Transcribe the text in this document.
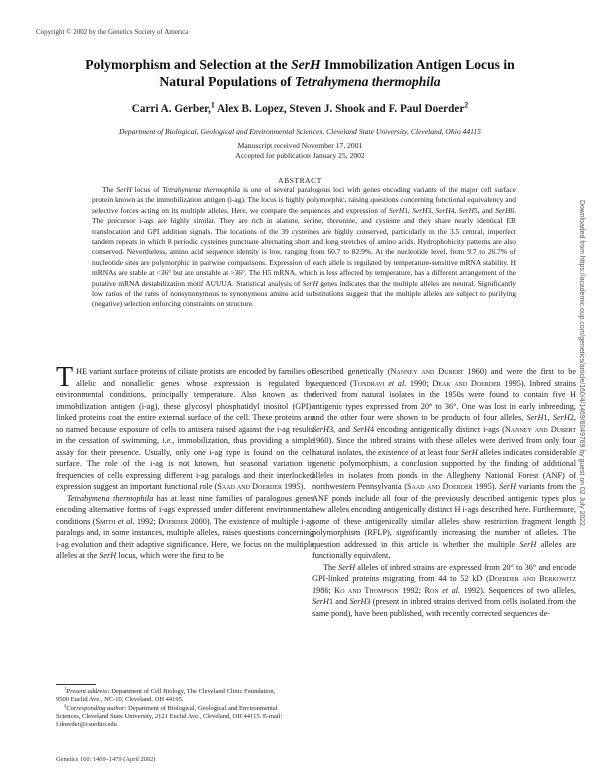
Copyright © 2002 by the Genetics Society of America
Polymorphism and Selection at the SerH Immobilization Antigen Locus in
Natural Populations of Tetrahymena thermophila
Carri A. Gerber,$^1$ Alex B. Lopez, Steven J. Shook and F. Paul Doerder$^2$
Department of Biological, Geological and Environmental Sciences, Cleveland State University, Cleveland, Ohio 44115
Manuscript received November 17, 2001
Accepted for publication January 25, 2002
ABSTRACT

The SerH locus of Tetrahymena thermophila is one of several paralogous loci with genes encoding variants of the major cell surface protein known as the immobilization antigen (i-ag). The locus is highly polymorphic, raising questions concerning functional equivalency and selective forces acting on its multiple alleles. Here, we compare the sequences and expression of SerH1, SerH3, SerH4, SerH5, and SerH6. The precursor i-ags are highly similar. They are rich in alanine, serine, threonine, and cysteine and they share nearly identical ER translocation and GPI addition signals. The locations of the 39 cysteines are highly conserved, particularly in the 3.5 central, imperfect tandem repeats in which 8 periodic cysteines punctuate alternating short and long stretches of amino acids. Hydrophobicity patterns are also conserved. Nevertheless, amino acid sequence identity is low, ranging from 60.7 to 82.9%. At the nucleotide level, from 9.7 to 26.7% of nucleotide sites are polymorphic in pairwise comparisons. Expression of each allele is regulated by temperature-sensitive mRNA stability. H mRNAs are stable at <36° but are unstable at >36°. The H5 mRNA, which is less affected by temperature, has a different arrangement of the putative mRNA destabilization motif AUUUA. Statistical analysis of SerH genes indicates that the multiple alleles are neutral. Significantly low ratios of the rates of nonsynonymous to synonymous amino acid substitutions suggest that the multiple alleles are subject to purifying (negative) selection enforcing constraints on structure.	Downloaded from https://academic.oup.com/genetics/article/160/4/1469/6049769 by guest on 02 July 2022

THE variant surface proteins of ciliate protists are encoded by families of allelic and nonallelic genes whose expression is regulated by environmental conditions, principally temperature. Also known as the immobilization antigen (i-ag), these glycosyl phosphatidyl inositol (GPI)-linked proteins coat the entire external surface of the cell. These proteins are so named because exposure of cells to antisera raised against the i-ag results in the cessation of swimming, i.e., immobilization, thus providing a simple assay for their presence. Usually, only one i-ag type is found on the cell surface. The role of the i-ag is not known, but seasonal variation in frequencies of cells expressing different i-ag paralogs and their interlocked expression suggest an important functional role (Saad and Doerder 1995).

Tetrahymena thermophila has at least nine families of paralogous genes encoding alternative forms of i-ags expressed under different environmental conditions (Smith et al. 1992; Doerder 2000). The existence of multiple i-ag paralogs and, in some instances, multiple alleles, raises questions concerning i-ag evolution and their adaptive significance. Here, we focus on the multiple alleles at the SerH locus, which were the first to be

described genetically (Nanney and Dubert 1960) and were the first to be sequenced (Tondravi et al. 1990; Deak and Doerder 1995). Inbred strains derived from natural isolates in the 1950s were found to contain five H antigenic types expressed from 20° to 36°. One was lost in early inbreeding, and the other four were shown to be products of four alleles, SerH1, SerH2, SerH3, and SerH4 encoding antigenically distinct i-ags (Nanney and Dubert 1960). Since the inbred strains with these alleles were derived from only four natural isolates, the existence of at least four SerH alleles indicates considerable genetic polymorphism, a conclusion supported by the finding of additional alleles in isolates from ponds in the Allegheny National Forest (ANF) of northwestern Pennsylvania (Saad and Doerder 1995). SerH variants from the ANF ponds include all four of the previously described antigenic types plus new alleles encoding antigenically distinct H i-ags described here. Furthermore, some of these antigenically similar alleles show restriction fragment length polymorphism (RFLP), significantly increasing the number of alleles. The question addressed in this article is whether the multiple SerH alleles are functionally equivalent.

The SerH alleles of inbred strains are expressed from 20° to 36° and encode GPI-linked proteins migrating from 44 to 52 kD (Doerder and Berkowitz 1986; Ko and Thompson 1992; Ron et al. 1992). Sequences of two alleles, SerH1 and SerH3 (present in inbred strains derived from cells isolated from the same pond), have been published, with recently corrected sequences de-

$^1$Present address: Department of Cell Biology, The Cleveland Clinic Foundation, 9500 Euclid Ave., NC-10, Cleveland, OH 44195.

$^2$Corresponding author: Department of Biological, Geological and Environmental Sciences, Cleveland State University, 2121 Euclid Ave., Cleveland, OH 44115. E-mail: f.doerder@csuohio.edu

Genetics 160: 1469–1479 (April 2002)
